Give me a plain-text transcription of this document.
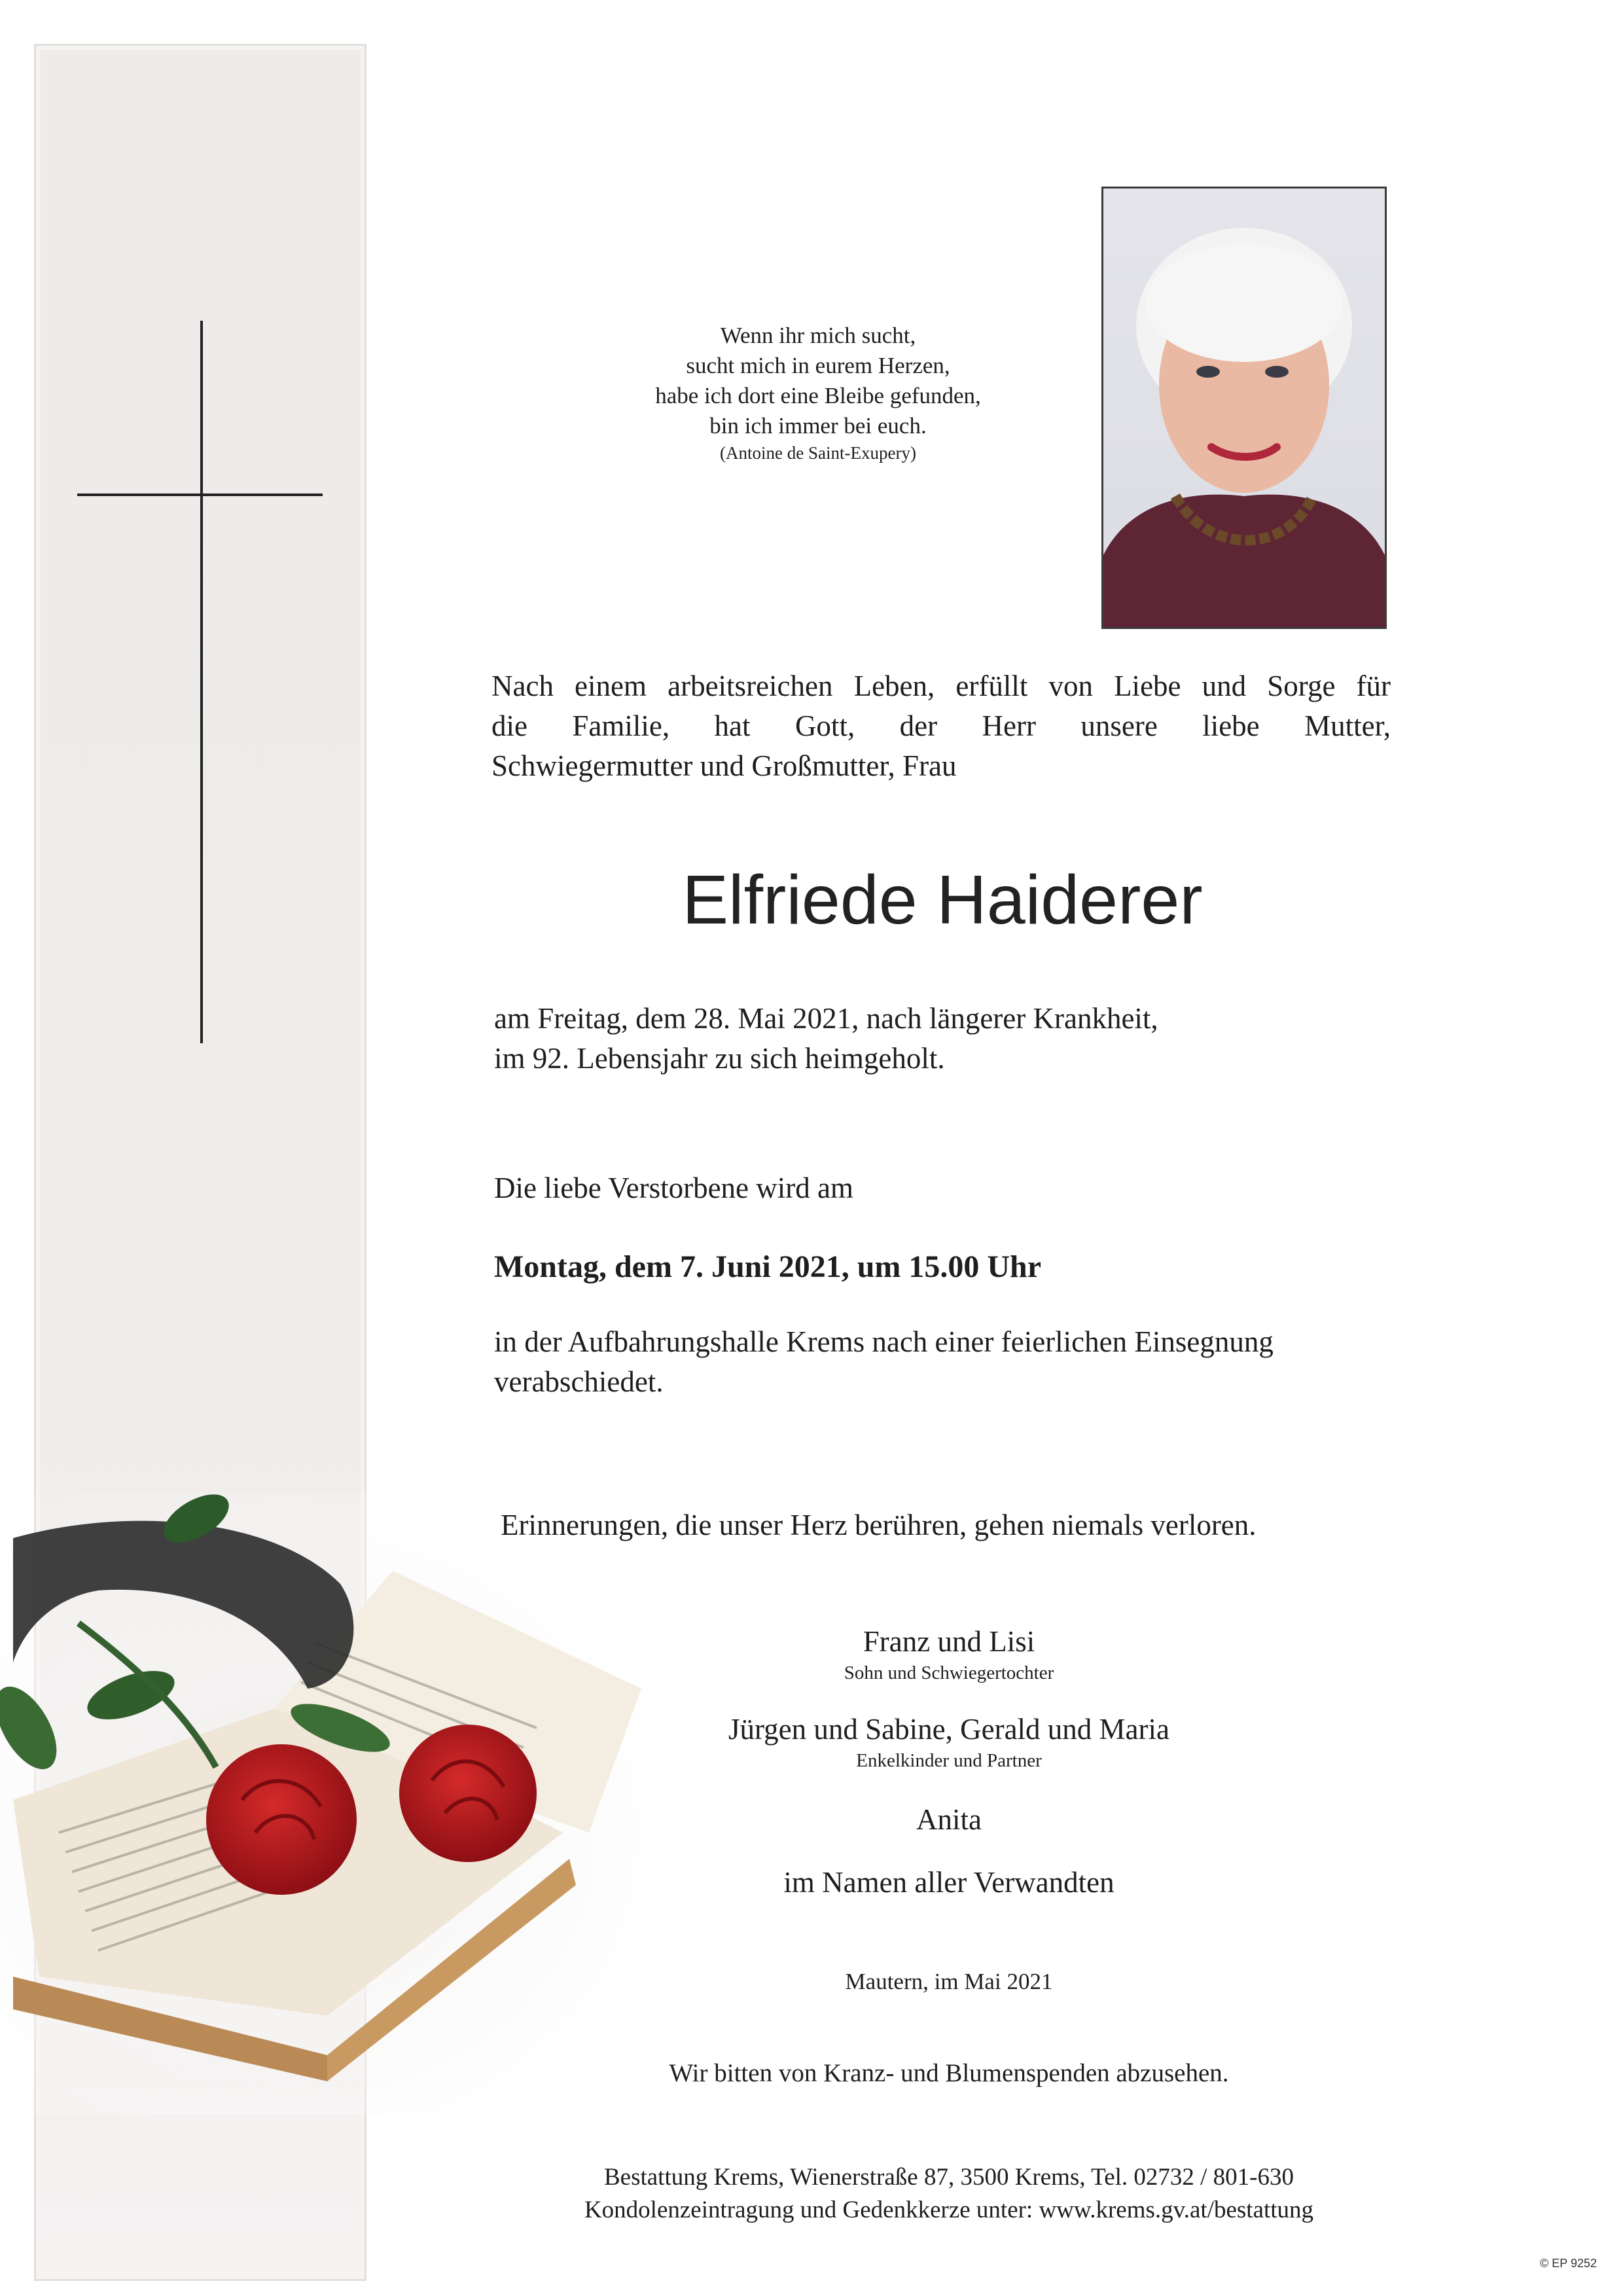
Wenn ihr mich sucht,
sucht mich in eurem Herzen,
habe ich dort eine Bleibe gefunden,
bin ich immer bei euch.
(Antoine de Saint-Exupery)
Nach einem arbeitsreichen Leben, erfüllt von Liebe und Sorge für
die Familie, hat Gott, der Herr unsere liebe Mutter,
Schwiegermutter und Großmutter, Frau
Elfriede Haiderer
am Freitag, dem 28. Mai 2021, nach längerer Krankheit,
im 92. Lebensjahr zu sich heimgeholt.
Die liebe Verstorbene wird am
Montag, dem 7. Juni 2021, um 15.00 Uhr
in der Aufbahrungshalle Krems nach einer feierlichen Einsegnung
verabschiedet.
Erinnerungen, die unser Herz berühren, gehen niemals verloren.
Franz und Lisi
Sohn und Schwiegertochter
Jürgen und Sabine, Gerald und Maria
Enkelkinder und Partner
Anita
im Namen aller Verwandten
Mautern, im Mai 2021
Wir bitten von Kranz- und Blumenspenden abzusehen.
Bestattung Krems, Wienerstraße 87, 3500 Krems, Tel. 02732 / 801-630
Kondolenzeintragung und Gedenkkerze unter: www.krems.gv.at/bestattung
© EP 9252
